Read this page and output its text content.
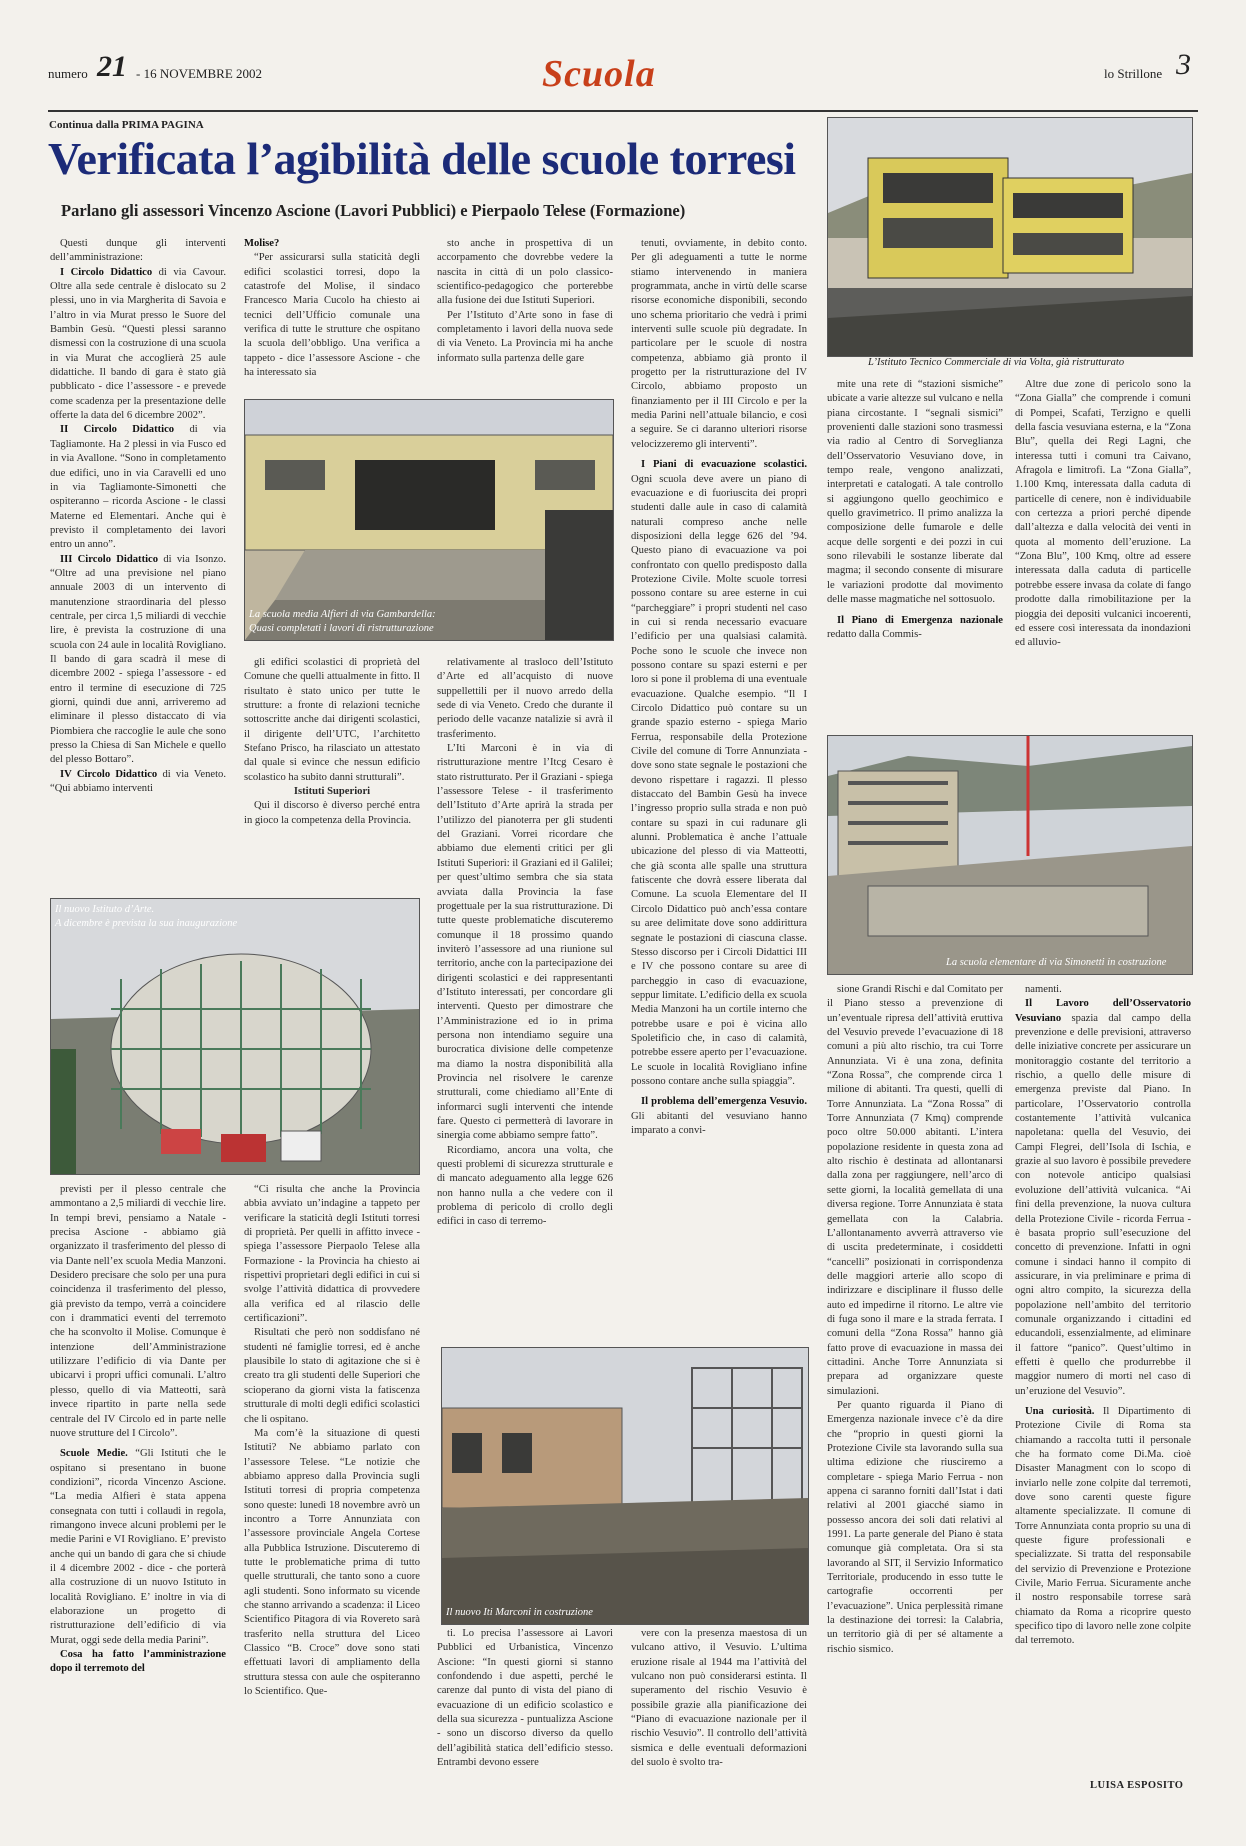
numero 21 - 16 NOVEMBRE 2002	Scuola	lo Strillone 3
Continua dalla PRIMA PAGINA
Verificata l’agibilità delle scuole torresi
Parlano gli assessori Vincenzo Ascione (Lavori Pubblici) e Pierpaolo Telese (Formazione)
L’Istituto Tecnico Commerciale di via Volta, già ristrutturato
La scuola media Alfieri di via Gambardella:
Quasi completati i lavori di ristrutturazione
Il nuovo Istituto d’Arte.
A dicembre è prevista la sua inaugurazione
La scuola elementare di via Simonetti in costruzione
Il nuovo Iti Marconi in costruzione

Questi dunque gli interventi dell’amministrazione:

I Circolo Didattico di via Cavour. Oltre alla sede centrale è dislocato su 2 plessi, uno in via Margherita di Savoia e l’altro in via Murat presso le Suore del Bambin Gesù. “Questi plessi saranno dismessi con la costruzione di una scuola in via Murat che accoglierà 25 aule didattiche. Il bando di gara è stato già pubblicato - dice l’assessore - e prevede come scadenza per la presentazione delle offerte la data del 6 dicembre 2002”.

II Circolo Didattico di via Tagliamonte. Ha 2 plessi in via Fusco ed in via Avallone. “Sono in completamento due edifici, uno in via Caravelli ed uno in via Tagliamonte-Simonetti che ospiteranno – ricorda Ascione - le classi Materne ed Elementari. Anche qui è previsto il completamento dei lavori entro un anno”.

III Circolo Didattico di via Isonzo. “Oltre ad una previsione nel piano annuale 2003 di un intervento di manutenzione straordinaria del plesso centrale, per circa 1,5 miliardi di vecchie lire, è prevista la costruzione di una scuola con 24 aule in località Rovigliano. Il bando di gara scadrà il mese di dicembre 2002 - spiega l’assessore - ed entro il termine di esecuzione di 725 giorni, quindi due anni, arriveremo ad eliminare il plesso distaccato di via Piombiera che raccoglie le aule che sono presso la Chiesa di San Michele e quello del plesso Bottaro”.

IV Circolo Didattico di via Veneto. “Qui abbiamo interventi

Molise?

“Per assicurarsi sulla staticità degli edifici scolastici torresi, dopo la catastrofe del Molise, il sindaco Francesco Maria Cucolo ha chiesto ai tecnici dell’Ufficio comunale una verifica di tutte le strutture che ospitano la scuola dell’obbligo. Una verifica a tappeto - dice l’assessore Ascione - che ha interessato sia

sto anche in prospettiva di un accorpamento che dovrebbe vedere la nascita in città di un polo classico-scientifico-pedagogico che porterebbe alla fusione dei due Istituti Superiori.

Per l’Istituto d’Arte sono in fase di completamento i lavori della nuova sede di via Veneto. La Provincia mi ha anche informato sulla partenza delle gare

tenuti, ovviamente, in debito conto. Per gli adeguamenti a tutte le norme stiamo intervenendo in maniera programmata, anche in virtù delle scarse risorse economiche disponibili, secondo uno schema prioritario che vedrà i primi interventi sulle scuole più degradate. In particolare per le scuole di nostra competenza, abbiamo già pronto il progetto per la ristrutturazione del IV Circolo, abbiamo proposto un finanziamento per il III Circolo e per la media Parini nell’attuale bilancio, e così a seguire. Se ci daranno ulteriori risorse velocizzeremo gli interventi”.

I Piani di evacuazione scolastici. Ogni scuola deve avere un piano di evacuazione e di fuoriuscita dei propri studenti dalle aule in caso di calamità naturali compreso anche nelle disposizioni della legge 626 del ’94. Questo piano di evacuazione va poi confrontato con quello predisposto dalla Protezione Civile. Molte scuole torresi possono contare su aree esterne in cui “parcheggiare” i propri studenti nel caso in cui si renda necessario evacuare l’edificio per una qualsiasi calamità. Poche sono le scuole che invece non possono contare su spazi esterni e per loro si pone il problema di una eventuale evacuazione. Qualche esempio. “Il I Circolo Didattico può contare su un grande spazio esterno - spiega Mario Ferrua, responsabile della Protezione Civile del comune di Torre Annunziata - dove sono state segnale le postazioni che devono rispettare i ragazzi. Il plesso distaccato del Bambin Gesù ha invece l’ingresso proprio sulla strada e non può contare su spazi in cui radunare gli alunni. Problematica è anche l’attuale ubicazione del plesso di via Matteotti, che già sconta alle spalle una struttura fatiscente che dovrà essere liberata dal Comune. La scuola Elementare del II Circolo Didattico può anch’essa contare su aree delimitate dove sono addirittura segnate le postazioni di ciascuna classe. Stesso discorso per i Circoli Didattici III e IV che possono contare su aree di parcheggio in caso di evacuazione, seppur limitate. L’edificio della ex scuola Media Manzoni ha un cortile interno che potrebbe usare e poi è vicina allo Spoletificio che, in caso di calamità, potrebbe essere aperto per l’evacuazione. Le scuole in località Rovigliano infine possono contare anche sulla spiaggia”.

Il problema dell’emergenza Vesuvio. Gli abitanti del vesuviano hanno imparato a convi-

gli edifici scolastici di proprietà del Comune che quelli attualmente in fitto. Il risultato è stato unico per tutte le strutture: a fronte di relazioni tecniche sottoscritte anche dai dirigenti scolastici, il dirigente dell’UTC, l’architetto Stefano Prisco, ha rilasciato un attestato dal quale si evince che nessun edificio scolastico ha subito danni strutturali”.

Istituti Superiori

Qui il discorso è diverso perché entra in gioco la competenza della Provincia.

relativamente al trasloco dell’Istituto d’Arte ed all’acquisto di nuove suppellettili per il nuovo arredo della sede di via Veneto. Credo che durante il periodo delle vacanze natalizie si avrà il trasferimento.

L’Iti Marconi è in via di ristrutturazione mentre l’Itcg Cesaro è stato ristrutturato. Per il Graziani - spiega l’assessore Telese - il trasferimento dell’Istituto d’Arte aprirà la strada per l’utilizzo del pianoterra per gli studenti del Graziani. Vorrei ricordare che abbiamo due elementi critici per gli Istituti Superiori: il Graziani ed il Galilei; per quest’ultimo sembra che sia stata avviata dalla Provincia la fase progettuale per la sua ristrutturazione. Di tutte queste problematiche discuteremo comunque il 18 prossimo quando inviterò l’assessore ad una riunione sul territorio, anche con la partecipazione dei dirigenti scolastici e dei rappresentanti d’Istituto interessati, per concordare gli interventi. Questo per dimostrare che l’Amministrazione ed io in prima persona non intendiamo seguire una burocratica divisione delle competenze ma diamo la nostra disponibilità alla Provincia nel risolvere le carenze strutturali, come chiediamo all’Ente di informarci sugli interventi che intende fare. Questo ci permetterà di lavorare in sinergia come abbiamo sempre fatto”.

Ricordiamo, ancora una volta, che questi problemi di sicurezza strutturale e di mancato adeguamento alla legge 626 non hanno nulla a che vedere con il problema di pericolo di crollo degli edifici in caso di terremo-

previsti per il plesso centrale che ammontano a 2,5 miliardi di vecchie lire. In tempi brevi, pensiamo a Natale - precisa Ascione - abbiamo già organizzato il trasferimento del plesso di via Dante nell’ex scuola Media Manzoni. Desidero precisare che solo per una pura coincidenza il trasferimento del plesso, già previsto da tempo, verrà a coincidere con i drammatici eventi del terremoto che ha sconvolto il Molise. Comunque è intenzione dell’Amministrazione utilizzare l’edificio di via Dante per ubicarvi i propri uffici comunali. L’altro plesso, quello di via Matteotti, sarà invece ripartito in parte nella sede centrale del IV Circolo ed in parte nelle nuove strutture del I Circolo”.

Scuole Medie. “Gli Istituti che le ospitano si presentano in buone condizioni”, ricorda Vincenzo Ascione. “La media Alfieri è stata appena consegnata con tutti i collaudi in regola, rimangono invece alcuni problemi per le medie Parini e VI Rovigliano. E’ previsto anche qui un bando di gara che si chiude il 4 dicembre 2002 - dice - che porterà alla costruzione di un nuovo Istituto in località Rovigliano. E’ inoltre in via di elaborazione un progetto di ristrutturazione dell’edificio di via Murat, oggi sede della media Parini”.

Cosa ha fatto l’amministrazione dopo il terremoto del

“Ci risulta che anche la Provincia abbia avviato un’indagine a tappeto per verificare la staticità degli Istituti torresi di proprietà. Per quelli in affitto invece - spiega l’assessore Pierpaolo Telese alla Formazione - la Provincia ha chiesto ai rispettivi proprietari degli edifici in cui si svolge l’attività didattica di provvedere alla verifica ed al rilascio delle certificazioni”.

Risultati che però non soddisfano né studenti né famiglie torresi, ed è anche plausibile lo stato di agitazione che si è creato tra gli studenti delle Superiori che scioperano da giorni vista la fatiscenza strutturale di molti degli edifici scolastici che li ospitano.

Ma com’è la situazione di questi Istituti? Ne abbiamo parlato con l’assessore Telese. “Le notizie che abbiamo appreso dalla Provincia sugli Istituti torresi di propria competenza sono queste: lunedì 18 novembre avrò un incontro a Torre Annunziata con l’assessore provinciale Angela Cortese alla Pubblica Istruzione. Discuteremo di tutte le problematiche prima di tutto quelle strutturali, che tanto sono a cuore agli studenti. Sono informato su vicende che stanno arrivando a scadenza: il Liceo Scientifico Pitagora di via Rovereto sarà trasferito nella struttura del Liceo Classico “B. Croce” dove sono stati effettuati lavori di ampliamento della struttura stessa con aule che ospiteranno lo Scientifico. Que-

ti. Lo precisa l’assessore ai Lavori Pubblici ed Urbanistica, Vincenzo Ascione: “In questi giorni si stanno confondendo i due aspetti, perché le carenze dal punto di vista del piano di evacuazione di un edificio scolastico e della sua sicurezza - puntualizza Ascione - sono un discorso diverso da quello dell’agibilità statica dell’edificio stesso. Entrambi devono essere

vere con la presenza maestosa di un vulcano attivo, il Vesuvio. L’ultima eruzione risale al 1944 ma l’attività del vulcano non può considerarsi estinta. Il superamento del rischio Vesuvio è possibile grazie alla pianificazione dei “Piano di evacuazione nazionale per il rischio Vesuvio”. Il controllo dell’attività sismica e delle eventuali deformazioni del suolo è svolto tra-

mite una rete di “stazioni sismiche” ubicate a varie altezze sul vulcano e nella piana circostante. I “segnali sismici” provenienti dalle stazioni sono trasmessi via radio al Centro di Sorveglianza dell’Osservatorio Vesuviano dove, in tempo reale, vengono analizzati, interpretati e catalogati. A tale controllo si aggiungono quello geochimico e quello gravimetrico. Il primo analizza la composizione delle fumarole e delle acque delle sorgenti e dei pozzi in cui sono rilevabili le sostanze liberate dal magma; il secondo consente di misurare le variazioni prodotte dal movimento delle masse magmatiche nel sottosuolo.

Il Piano di Emergenza nazionale redatto dalla Commis-

Altre due zone di pericolo sono la “Zona Gialla” che comprende i comuni di Pompei, Scafati, Terzigno e quelli della fascia vesuviana esterna, e la “Zona Blu”, quella dei Regi Lagni, che interessa tutti i comuni tra Caivano, Afragola e limitrofi. La “Zona Gialla”, 1.100 Kmq, interessata dalla caduta di particelle di cenere, non è individuabile con certezza a priori perché dipende dall’altezza e dalla velocità dei venti in quota al momento dell’eruzione. La “Zona Blu”, 100 Kmq, oltre ad essere interessata dalla caduta di particelle potrebbe essere invasa da colate di fango prodotte dalla rimobilitazione per la pioggia dei depositi vulcanici incoerenti, ed essere così interessata da inondazioni ed alluvio-

sione Grandi Rischi e dal Comitato per il Piano stesso a prevenzione di un’eventuale ripresa dell’attività eruttiva del Vesuvio prevede l’evacuazione di 18 comuni a più alto rischio, tra cui Torre Annunziata. Vi è una zona, definita “Zona Rossa”, che comprende circa 1 milione di abitanti. Tra questi, quelli di Torre Annunziata. La “Zona Rossa” di Torre Annunziata (7 Kmq) comprende poco oltre 50.000 abitanti. L’intera popolazione residente in questa zona ad alto rischio è destinata ad allontanarsi dalla zona per raggiungere, nell’arco di sette giorni, la località gemellata di una diversa regione. Torre Annunziata è stata gemellata con la Calabria. L’allontanamento avverrà attraverso vie di uscita predeterminate, i cosiddetti “cancelli” posizionati in corrispondenza delle maggiori arterie allo scopo di indirizzare e disciplinare il flusso delle auto ed impedirne il ritorno. Le altre vie di fuga sono il mare e la strada ferrata. I comuni della “Zona Rossa” hanno già fatto prove di evacuazione in massa dei cittadini. Anche Torre Annunziata si prepara ad organizzare queste simulazioni.

Per quanto riguarda il Piano di Emergenza nazionale invece c’è da dire che “proprio in questi giorni la Protezione Civile sta lavorando sulla sua ultima edizione che riusciremo a completare - spiega Mario Ferrua - non appena ci saranno forniti dall’Istat i dati relativi al 2001 giacché siamo in possesso ancora dei soli dati relativi al 1991. La parte generale del Piano è stata comunque già completata. Ora si sta lavorando al SIT, il Servizio Informatico Territoriale, producendo in esso tutte le cartografie occorrenti per l’evacuazione”. Unica perplessità rimane la destinazione dei torresi: la Calabria, un territorio già di per sé altamente a rischio sismico.

namenti.

Il Lavoro dell’Osservatorio Vesuviano spazia dal campo della prevenzione e delle previsioni, attraverso delle iniziative concrete per assicurare un monitoraggio costante del territorio a rischio, a quello delle misure di emergenza previste dal Piano. In particolare, l’Osservatorio controlla costantemente l’attività vulcanica napoletana: quella del Vesuvio, dei Campi Flegrei, dell’Isola di Ischia, e grazie al suo lavoro è possibile prevedere con notevole anticipo qualsiasi evoluzione dell’attività vulcanica. “Ai fini della prevenzione, la nuova cultura della Protezione Civile - ricorda Ferrua - è basata proprio sull’esecuzione del concetto di prevenzione. Infatti in ogni comune i sindaci hanno il compito di assicurare, in via preliminare e prima di ogni altro compito, la sicurezza della popolazione nell’ambito del territorio comunale organizzando i cittadini ed educandoli, essenzialmente, ad eliminare il fattore “panico”. Quest’ultimo in effetti è quello che produrrebbe il maggior numero di morti nel caso di un’eruzione del Vesuvio”.

Una curiosità. Il Dipartimento di Protezione Civile di Roma sta chiamando a raccolta tutti il personale che ha formato come Di.Ma. cioè Disaster Managment con lo scopo di inviarlo nelle zone colpite dal terremoti, dove sono carenti queste figure altamente specializzate. Il comune di Torre Annunziata conta proprio su una di queste figure professionali e specializzate. Si tratta del responsabile del servizio di Prevenzione e Protezione Civile, Mario Ferrua. Sicuramente anche il nostro responsabile torrese sarà chiamato da Roma a ricoprire questo specifico tipo di lavoro nelle zone colpite dal terremoto.

LUISA ESPOSITO
